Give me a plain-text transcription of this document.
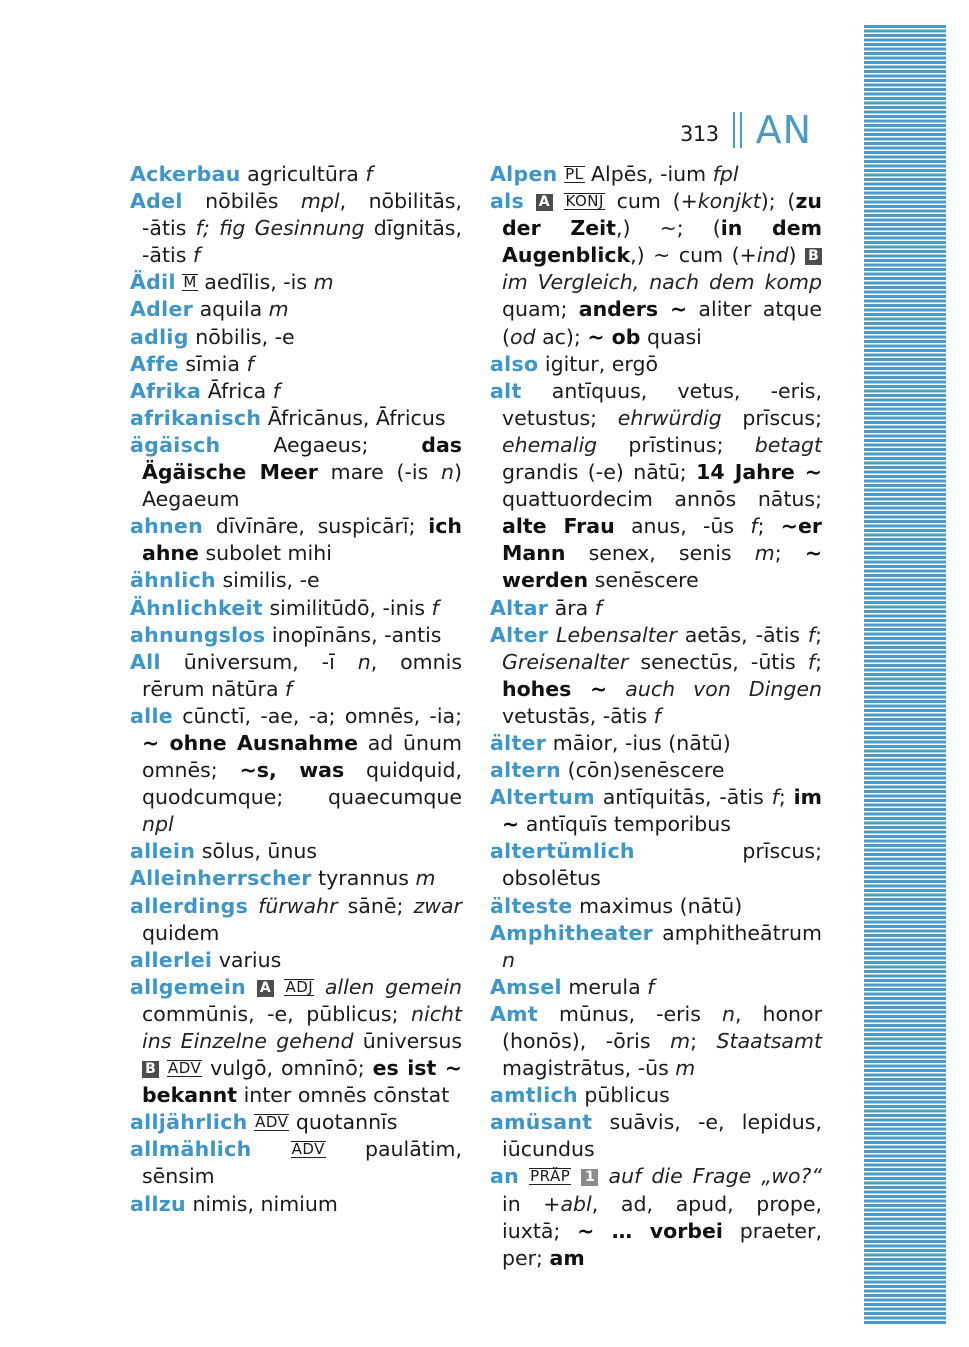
313 AN

Ackerbau agricultūra f

Adel nōbilēs mpl, nōbilitās, -ātis f; fig Gesinnung dīgnitās, -ātis f

Ädil M aedīlis, -is m

Adler aquila m

adlig nōbilis, -e

Affe sīmia f

Afrika Āfrica f

afrikanisch Āfricānus, Āfricus

ägäisch Aegaeus; das Ägäische Meer mare (-is n) Aegaeum

ahnen dīvīnāre, suspicārī; ich ahne subolet mihi

ähnlich similis, -e

Ähnlichkeit similitūdō, -inis f

ahnungslos inopīnāns, -antis

All ūniversum, -ī n, omnis rērum nātūra f

alle cūnctī, -ae, -a; omnēs, -ia; ~ ohne Ausnahme ad ūnum omnēs; ~s, was quidquid, quodcumque; quaecumque npl

allein sōlus, ūnus

Alleinherrscher tyrannus m

allerdings fürwahr sānē; zwar quidem

allerlei varius

allgemein A ADJ allen gemein commūnis, -e, pūblicus; nicht ins Einzelne gehend ūniversus B ADV vulgō, omnīnō; es ist ~ bekannt inter omnēs cōnstat

alljährlich ADV quotannīs

allmählich	ADV paulātim, sēnsim

allzu nimis, nimium

Alpen PL Alpēs, -ium fpl

als A KONJ cum (+konjkt); (zu der Zeit,) ~; (in dem Augenblick,) ~ cum (+ind) B im Vergleich, nach dem komp quam; anders ~ aliter atque (od ac); ~ ob quasi

also igitur, ergō

alt antīquus, vetus, -eris, vetustus; ehrwürdig prīscus; ehemalig prīstinus; betagt grandis (-e) nātū; 14 Jahre ~ quattuordecim annōs nātus; alte Frau anus, -ūs f; ~er Mann senex, senis m; ~ werden senēscere

Altar āra f

Alter Lebensalter aetās, -ātis f; Greisenalter senectūs, -ūtis f; hohes ~ auch von Dingen vetustās, -ātis f

älter māior, -ius (nātū)

altern (cōn)senēscere

Altertum antīquitās, -ātis f; im ~ antīquīs temporibus

altertümlich prīscus; obsolētus

älteste maximus (nātū)

Amphitheater amphitheātrum n

Amsel merula f

Amt mūnus, -eris n, honor (honōs), -ōris m; Staatsamt magistrātus, -ūs m

amtlich pūblicus

amüsant suāvis, -e, lepidus, iūcundus

an PRÄP 1 auf die Frage „wo?“ in +abl, ad, apud, prope, iuxtā; ~ … vorbei praeter, per; am
